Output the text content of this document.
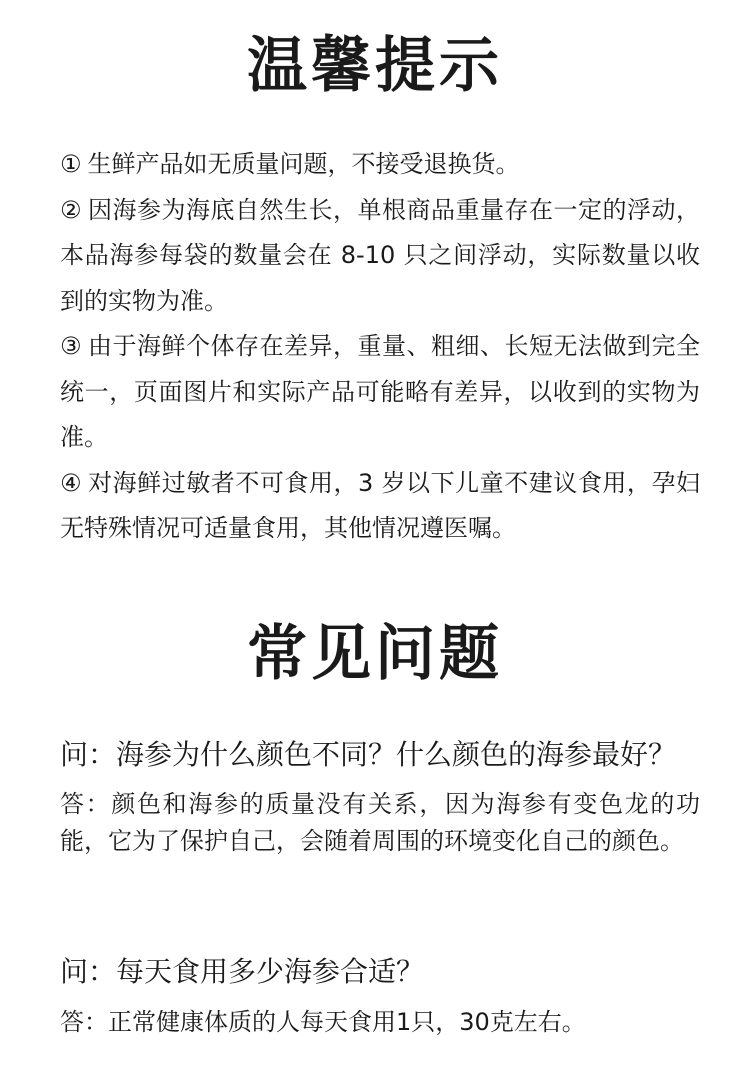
温馨提示
① 生鲜产品如无质量问题，不接受退换货。
② 因海参为海底自然生长，单根商品重量存在一定的浮动，本品海参每袋的数量会在 8-10 只之间浮动，实际数量以收到的实物为准。
③ 由于海鲜个体存在差异，重量、粗细、长短无法做到完全统一，页面图片和实际产品可能略有差异，以收到的实物为准。
④ 对海鲜过敏者不可食用，3 岁以下儿童不建议食用，孕妇无特殊情况可适量食用，其他情况遵医嘱。
常见问题

问：海参为什么颜色不同？什么颜色的海参最好？

答：颜色和海参的质量没有关系，因为海参有变色龙的功能，它为了保护自己，会随着周围的环境变化自己的颜色。

问：每天食用多少海参合适？

答：正常健康体质的人每天食用1只，30克左右。
